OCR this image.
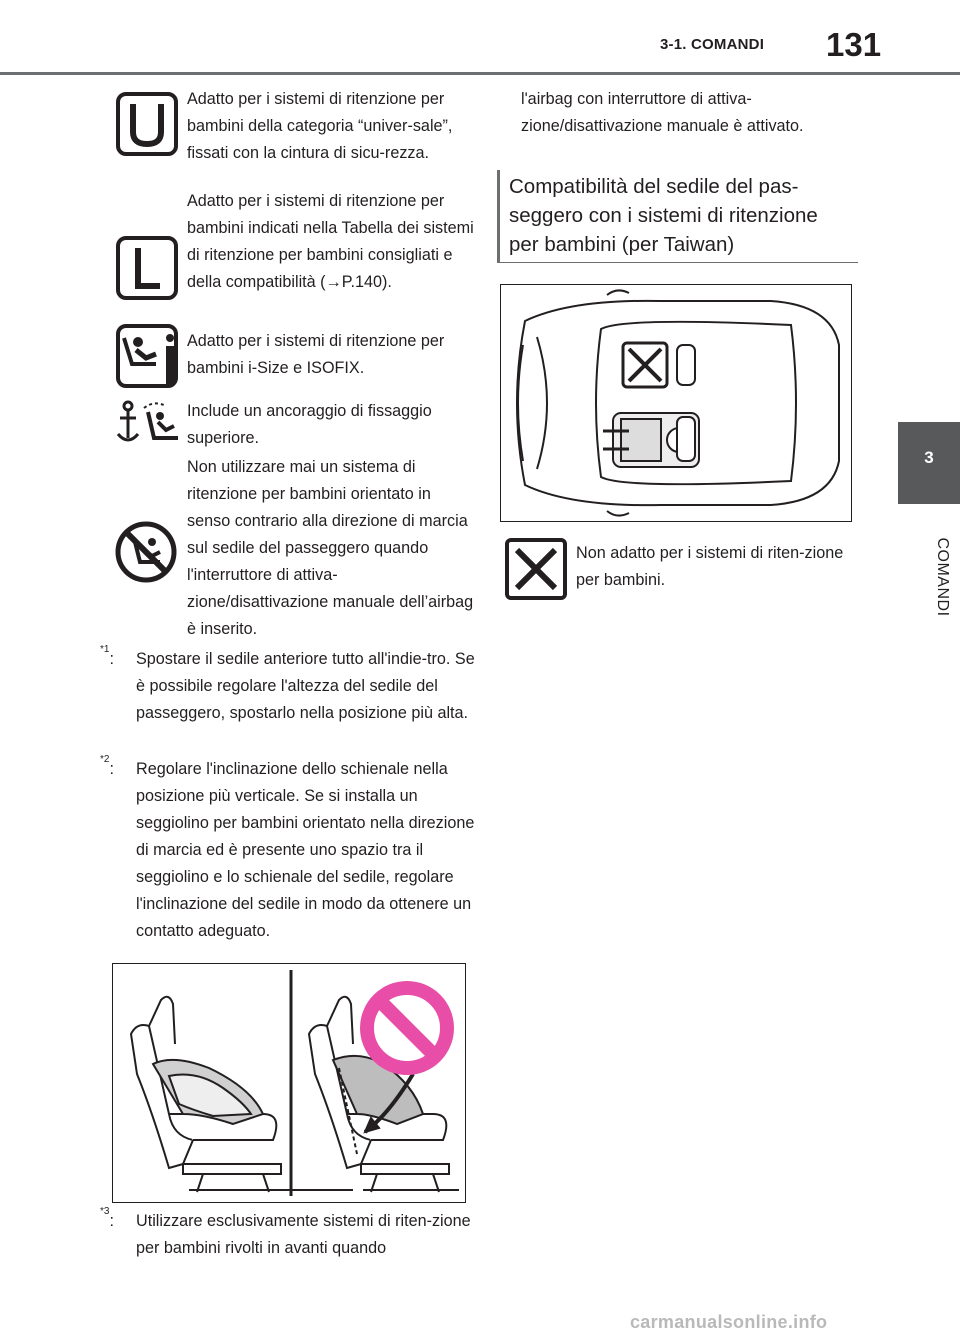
3-1. COMANDI	131
3
COMANDI
Adatto per i sistemi di ritenzione per bambini della categoria “univer-sale”, fissati con la cintura di sicu-rezza.
Adatto per i sistemi di ritenzione per bambini indicati nella Tabella dei sistemi di ritenzione per bambini consigliati e della compatibilità (→P.140).
Adatto per i sistemi di ritenzione per bambini i-Size e ISOFIX.
Include un ancoraggio di fissaggio superiore.
Non utilizzare mai un sistema di ritenzione per bambini orientato in senso contrario alla direzione di marcia sul sedile del passeggero quando l'interruttore di attiva-zione/disattivazione manuale dell’airbag è inserito.
$^{*1}$:	Spostare il sedile anteriore tutto all'indie-tro. Se è possibile regolare l'altezza del sedile del passeggero, spostarlo nella posizione più alta.
$^{*2}$:	Regolare l'inclinazione dello schienale nella posizione più verticale. Se si installa un seggiolino per bambini orientato nella direzione di marcia ed è presente uno spazio tra il seggiolino e lo schienale del sedile, regolare l'inclinazione del sedile in modo da ottenere un contatto adeguato.
$^{*3}$:	Utilizzare esclusivamente sistemi di riten-zione per bambini rivolti in avanti quando
l'airbag con interruttore di attiva-zione/disattivazione manuale è attivato.
Compatibilità del sedile del pas-seggero con i sistemi di ritenzione per bambini (per Taiwan)
Non adatto per i sistemi di riten-zione per bambini.
carmanualsonline.info
